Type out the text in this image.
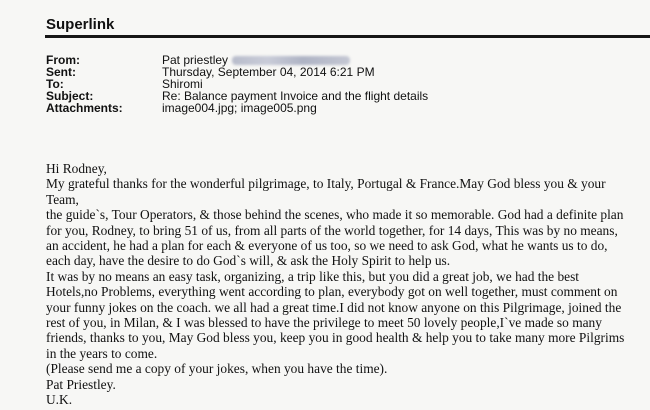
Superlink
From:	Pat priestley
Sent:	Thursday, September 04, 2014 6:21 PM
To:	Shiromi
Subject:	Re: Balance payment Invoice and the flight details
Attachments:	image004.jpg; image005.png
Hi Rodney,
My grateful thanks for the wonderful pilgrimage, to Italy, Portugal & France.May God bless you & your
Team,
the guide`s, Tour Operators, & those behind the scenes, who made it so memorable. God had a definite plan
for you, Rodney, to bring 51 of us, from all parts of the world together, for 14 days, This was by no means,
an accident, he had a plan for each & everyone of us too, so we need to ask God, what he wants us to do,
each day, have the desire to do God`s will, & ask the Holy Spirit to help us.
It was by no means an easy task, organizing, a trip like this, but you did a great job, we had the best
Hotels,no Problems, everything went according to plan, everybody got on well together, must comment on
your funny jokes on the coach. we all had a great time.I did not know anyone on this Pilgrimage, joined the
rest of you, in Milan, & I was blessed to have the privilege to meet 50 lovely people,I`ve made so many
friends, thanks to you, May God bless you, keep you in good health & help you to take many more Pilgrims
in the years to come.
(Please send me a copy of your jokes, when you have the time).
Pat Priestley.
U.K.
